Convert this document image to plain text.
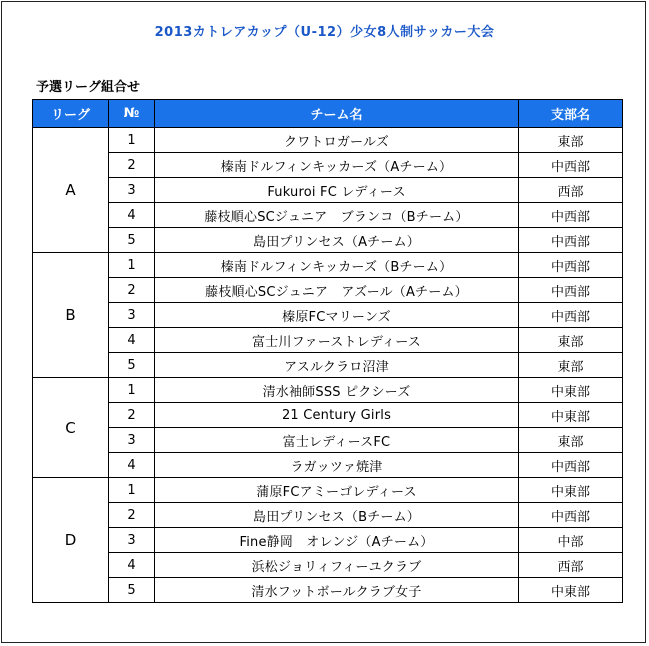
2013カトレアカップ（U-12）少女8人制サッカー大会
予選リーグ組合せ
リーグ	№	チーム名	支部名
A	1	クワトロガールズ	東部
	2	榛南ドルフィンキッカーズ（Aチーム）	中西部
	3	Fukuroi FC レディース	西部
	4	藤枝順心SCジュニア　ブランコ（Bチーム）	中西部
	5	島田プリンセス（Aチーム）	中西部
B	1	榛南ドルフィンキッカーズ（Bチーム）	中西部
	2	藤枝順心SCジュニア　アズール（Aチーム）	中西部
	3	榛原FCマリーンズ	中西部
	4	富士川ファーストレディース	東部
	5	アスルクラロ沼津	東部
C	1	清水袖師SSS ピクシーズ	中東部
	2	21 Century Girls	中東部
	3	富士レディースFC	東部
	4	ラガッツァ焼津	中西部
D	1	蒲原FCアミーゴレディース	中東部
	2	島田プリンセス（Bチーム）	中西部
	3	Fine静岡　オレンジ（Aチーム）	中部
	4	浜松ジョリィフィーユクラブ	西部
	5	清水フットボールクラブ女子	中東部
